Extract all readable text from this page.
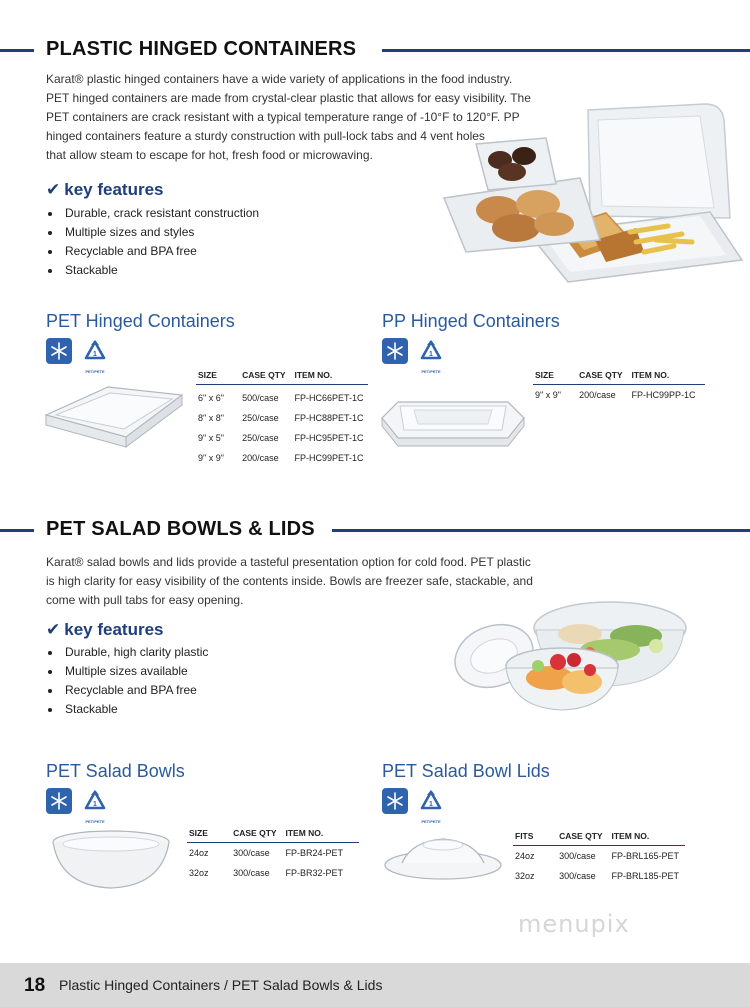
PLASTIC HINGED CONTAINERS

Karat® plastic hinged containers have a wide variety of applications in the food industry.

PET hinged containers are made from crystal-clear plastic that allows for easy visibility. The

PET containers are crack resistant with a typical temperature range of -10°F to 120°F. PP

hinged containers feature a sturdy construction with pull-lock tabs and 4 vent holes

that allow steam to escape for hot, fresh food or microwaving.

✔ key features
Durable, crack resistant construction
Multiple sizes and styles
Recyclable and BPA free
Stackable
PET Hinged Containers
1
PET/PETE	SIZE	CASE QTY	ITEM NO.
6" x 6"	500/case	FP-HC66PET-1C
8" x 8"	250/case	FP-HC88PET-1C
9" x 5"	250/case	FP-HC95PET-1C
9" x 9"	200/case	FP-HC99PET-1C
PP Hinged Containers
1
PET/PETE	SIZE	CASE QTY	ITEM NO.
9" x 9"	200/case	FP-HC99PP-1C
PET SALAD BOWLS & LIDS

Karat® salad bowls and lids provide a tasteful presentation option for cold food. PET plastic

is high clarity for easy visibility of the contents inside. Bowls are freezer safe, stackable, and

come with pull tabs for easy opening.

✔ key features
Durable, high clarity plastic
Multiple sizes available
Recyclable and BPA free
Stackable
PET Salad Bowls
1
PET/PETE
SIZE	CASE QTY	ITEM NO.
24oz	300/case	FP-BR24-PET
32oz	300/case	FP-BR32-PET
PET Salad Bowl Lids
1
PET/PETE
FITS	CASE QTY	ITEM NO.
24oz	300/case	FP-BRL165-PET
32oz	300/case	FP-BRL185-PET
menupix
18 Plastic Hinged Containers / PET Salad Bowls & Lids
